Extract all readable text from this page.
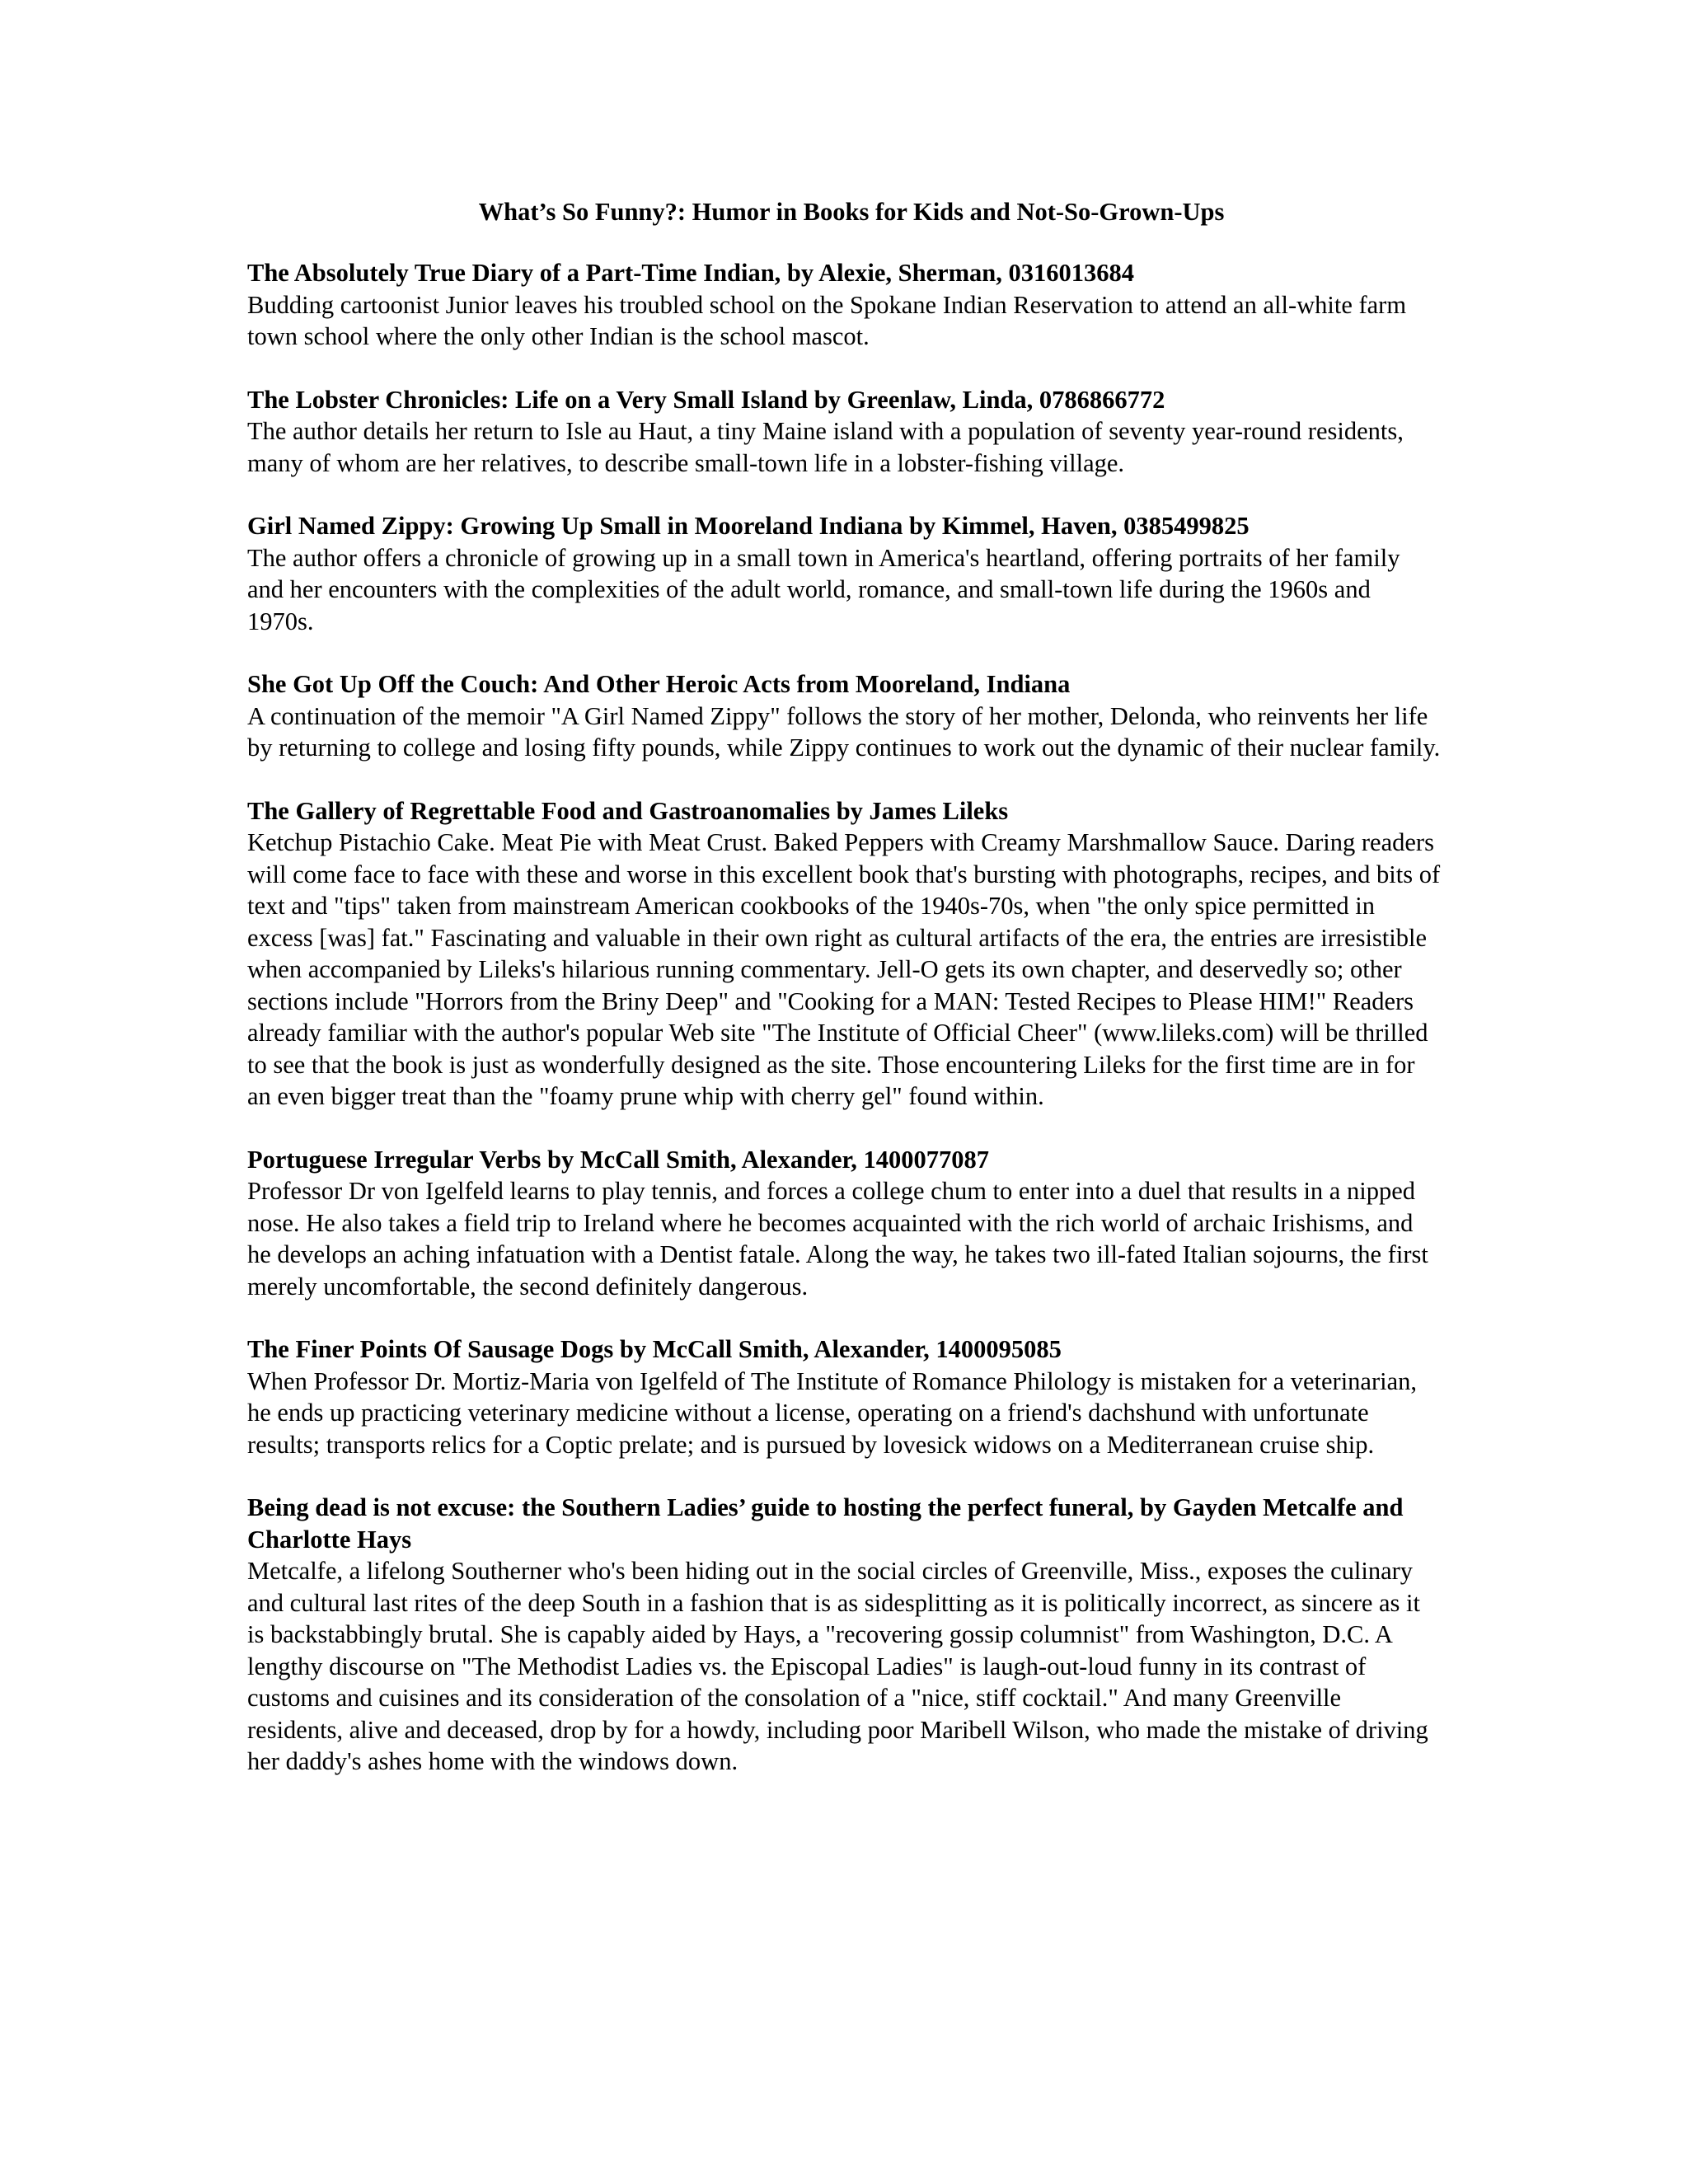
What’s So Funny?: Humor in Books for Kids and Not-So-Grown-Ups

The Absolutely True Diary of a Part-Time Indian, by Alexie, Sherman, 0316013684

Budding cartoonist Junior leaves his troubled school on the Spokane Indian Reservation to attend an all-white farm town school where the only other Indian is the school mascot.

The Lobster Chronicles: Life on a Very Small Island by Greenlaw, Linda, 0786866772

The author details her return to Isle au Haut, a tiny Maine island with a population of seventy year-round residents, many of whom are her relatives, to describe small-town life in a lobster-fishing village.

Girl Named Zippy: Growing Up Small in Mooreland Indiana by Kimmel, Haven, 0385499825

The author offers a chronicle of growing up in a small town in America's heartland, offering portraits of her family and her encounters with the complexities of the adult world, romance, and small-town life during the 1960s and 1970s.

She Got Up Off the Couch: And Other Heroic Acts from Mooreland, Indiana

A continuation of the memoir "A Girl Named Zippy" follows the story of her mother, Delonda, who reinvents her life by returning to college and losing fifty pounds, while Zippy continues to work out the dynamic of their nuclear family.

The Gallery of Regrettable Food and Gastroanomalies by James Lileks

Ketchup Pistachio Cake. Meat Pie with Meat Crust. Baked Peppers with Creamy Marshmallow Sauce. Daring readers will come face to face with these and worse in this excellent book that's bursting with photographs, recipes, and bits of text and "tips" taken from mainstream American cookbooks of the 1940s-70s, when "the only spice permitted in excess [was] fat." Fascinating and valuable in their own right as cultural artifacts of the era, the entries are irresistible when accompanied by Lileks's hilarious running commentary. Jell-O gets its own chapter, and deservedly so; other sections include "Horrors from the Briny Deep" and "Cooking for a MAN: Tested Recipes to Please HIM!" Readers already familiar with the author's popular Web site "The Institute of Official Cheer" (www.lileks.com) will be thrilled to see that the book is just as wonderfully designed as the site. Those encountering Lileks for the first time are in for an even bigger treat than the "foamy prune whip with cherry gel" found within.

Portuguese Irregular Verbs by McCall Smith, Alexander, 1400077087

Professor Dr von Igelfeld learns to play tennis, and forces a college chum to enter into a duel that results in a nipped nose. He also takes a field trip to Ireland where he becomes acquainted with the rich world of archaic Irishisms, and he develops an aching infatuation with a Dentist fatale. Along the way, he takes two ill-fated Italian sojourns, the first merely uncomfortable, the second definitely dangerous.

The Finer Points Of Sausage Dogs by McCall Smith, Alexander, 1400095085

When Professor Dr. Mortiz-Maria von Igelfeld of The Institute of Romance Philology is mistaken for a veterinarian, he ends up practicing veterinary medicine without a license, operating on a friend's dachshund with unfortunate results; transports relics for a Coptic prelate; and is pursued by lovesick widows on a Mediterranean cruise ship.

Being dead is not excuse: the Southern Ladies’ guide to hosting the perfect funeral, by Gayden Metcalfe and Charlotte Hays

Metcalfe, a lifelong Southerner who's been hiding out in the social circles of Greenville, Miss., exposes the culinary and cultural last rites of the deep South in a fashion that is as sidesplitting as it is politically incorrect, as sincere as it is backstabbingly brutal. She is capably aided by Hays, a "recovering gossip columnist" from Washington, D.C. A lengthy discourse on "The Methodist Ladies vs. the Episcopal Ladies" is laugh-out-loud funny in its contrast of customs and cuisines and its consideration of the consolation of a "nice, stiff cocktail." And many Greenville residents, alive and deceased, drop by for a howdy, including poor Maribell Wilson, who made the mistake of driving her daddy's ashes home with the windows down.
